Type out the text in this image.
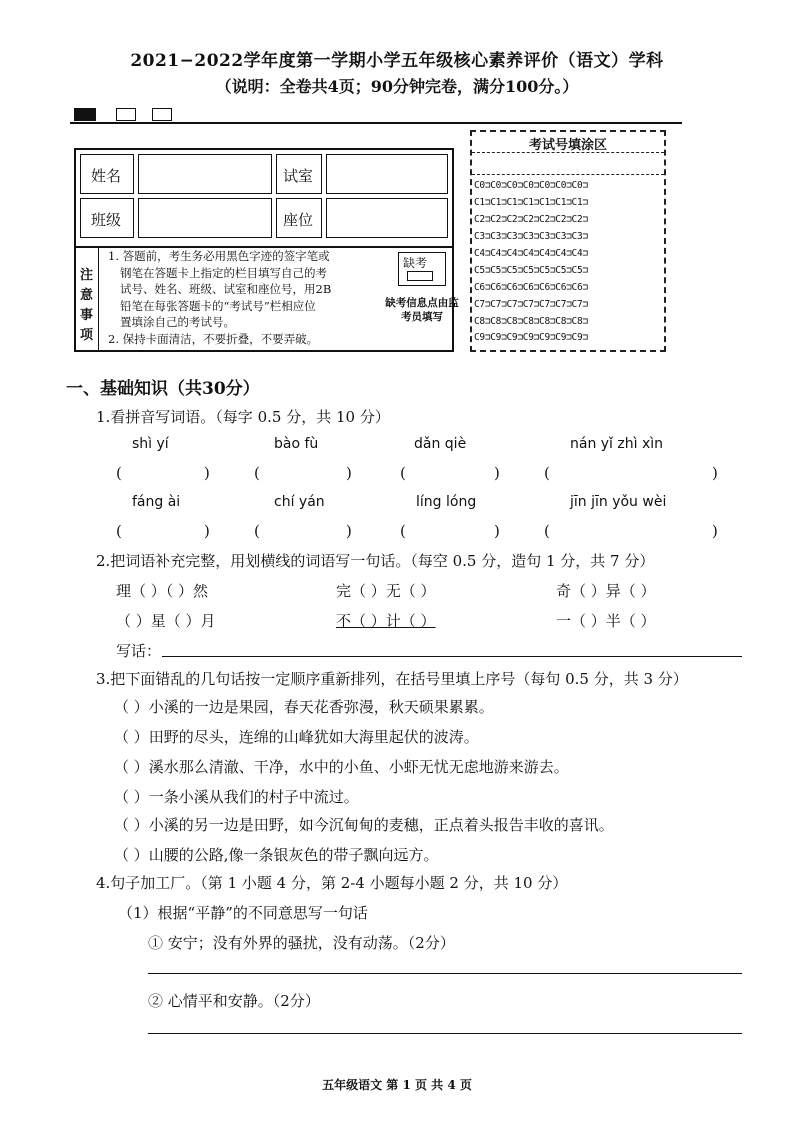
2021−2022学年度第一学期小学五年级核心素养评价（语文）学科
（说明：全卷共4页；90分钟完卷，满分100分。）
姓名	试室
班级	座位
注
意
事
项
1. 答题前，考生务必用黑色字迹的签字笔或
钢笔在答题卡上指定的栏目填写自己的考
试号、姓名、班级、试室和座位号，用2B
铅笔在每张答题卡的“考试号”栏相应位
置填涂自己的考试号。
2. 保持卡面清洁，不要折叠，不要弄破。
缺考
缺考信息点由监考员填写
考试号填涂区
C0⊐C0⊐C0⊐C0⊐C0⊐C0⊐C0⊐
C1⊐C1⊐C1⊐C1⊐C1⊐C1⊐C1⊐
C2⊐C2⊐C2⊐C2⊐C2⊐C2⊐C2⊐
C3⊐C3⊐C3⊐C3⊐C3⊐C3⊐C3⊐
C4⊐C4⊐C4⊐C4⊐C4⊐C4⊐C4⊐
C5⊐C5⊐C5⊐C5⊐C5⊐C5⊐C5⊐
C6⊐C6⊐C6⊐C6⊐C6⊐C6⊐C6⊐
C7⊐C7⊐C7⊐C7⊐C7⊐C7⊐C7⊐
C8⊐C8⊐C8⊐C8⊐C8⊐C8⊐C8⊐
C9⊐C9⊐C9⊐C9⊐C9⊐C9⊐C9⊐
一、基础知识（共30分）
1.看拼音写词语。（每字 0.5 分，共 10 分）
shì yí	bào fù	dǎn qiè	nán yǐ zhì xìn
(	)	(	)	(	)	(	)
fáng ài	chí yán	líng lóng	jīn jīn yǒu wèi
(	)	(	)	(	)	(	)
2.把词语补充完整，用划横线的词语写一句话。（每空 0.5 分，造句 1 分，共 7 分）
理（ ）（ ）然	完（ ）无（ ）	奇（ ）异（ ）
（ ）星（ ）月	不（ ）计（ ）	一（ ）半（ ）
写话：
3.把下面错乱的几句话按一定顺序重新排列，在括号里填上序号（每句 0.5 分，共 3 分）
（ ）小溪的一边是果园，春天花香弥漫，秋天硕果累累。
（ ）田野的尽头，连绵的山峰犹如大海里起伏的波涛。
（ ）溪水那么清澈、干净，水中的小鱼、小虾无忧无虑地游来游去。
（ ）一条小溪从我们的村子中流过。
（ ）小溪的另一边是田野，如今沉甸甸的麦穗，正点着头报告丰收的喜讯。
（ ）山腰的公路,像一条银灰色的带子飘向远方。
4.句子加工厂。（第 1 小题 4 分，第 2-4 小题每小题 2 分，共 10 分）
（1）根据“平静”的不同意思写一句话
① 安宁；没有外界的骚扰，没有动荡。（2分）
② 心情平和安静。（2分）
五年级语文 第 1 页 共 4 页
